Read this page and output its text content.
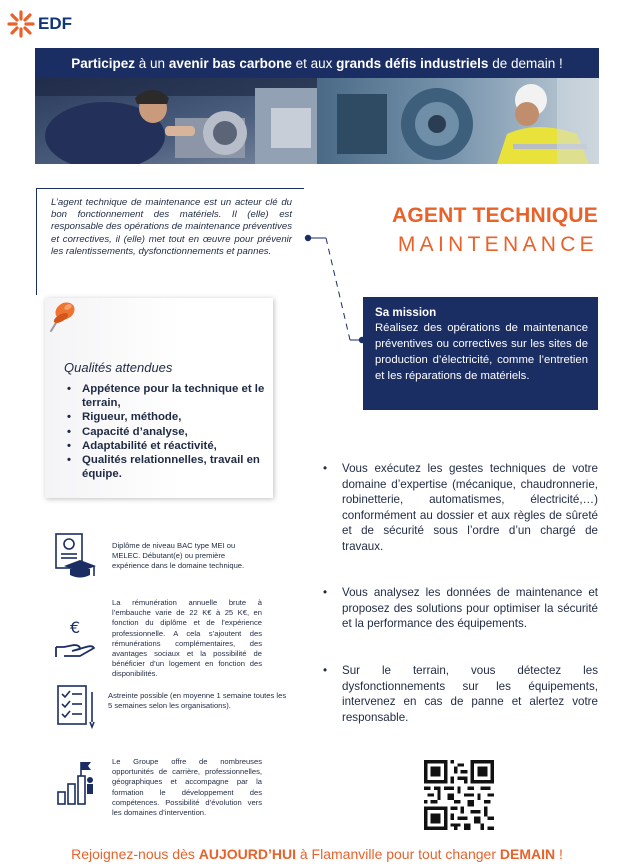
EDF
Participez à un avenir bas carbone et aux grands défis industriels de demain !
L’agent technique de maintenance est un acteur clé du bon fonctionnement des matériels. Il (elle) est responsable des opérations de maintenance préventives et correctives, il (elle) met tout en œuvre pour prévenir les ralentissements, dysfonctionnements et pannes.
AGENT TECHNIQUE
MAINTENANCE
Sa mission
Réalisez des opérations de maintenance préventives ou correctives sur les sites de production d’électricité, comme l’entretien et les réparations de matériels.
Qualités attendues
• Appétence pour la technique et le terrain,
• Rigueur, méthode,
• Capacité d’analyse,
• Adaptabilité et réactivité,
• Qualités relationnelles, travail en équipe.	• Vous exécutez les gestes techniques de votre domaine d’expertise (mécanique, chaudronnerie, robinetterie, automatismes, électricité,…) conformément au dossier et aux règles de sûreté et de sécurité sous l’ordre d’un chargé de travaux.
• Vous analysez les données de maintenance et proposez des solutions pour optimiser la sécurité et la performance des équipements.
• Sur le terrain, vous détectez les dysfonctionnements sur les équipements, intervenez en cas de panne et alertez votre responsable.
Diplôme de niveau BAC type MEI ou MELEC. Débutant(e) ou première expérience dans le domaine technique.
€
La rémunération annuelle brute à l’embauche varie de 22 K€ à 25 K€, en fonction du diplôme et de l’expérience professionnelle. A cela s’ajoutent des rémunérations complémentaires, des avantages sociaux et la possibilité de bénéficier d’un logement en fonction des disponibilités.
Astreinte possible (en moyenne 1 semaine toutes les 5 semaines selon les organisations).
Le Groupe offre de nombreuses opportunités de carrière, professionnelles, géographiques et accompagne par la formation le développement des compétences. Possibilité d’évolution vers les domaines d’intervention.
Rejoignez-nous dès AUJOURD’HUI à Flamanville pour tout changer DEMAIN !
